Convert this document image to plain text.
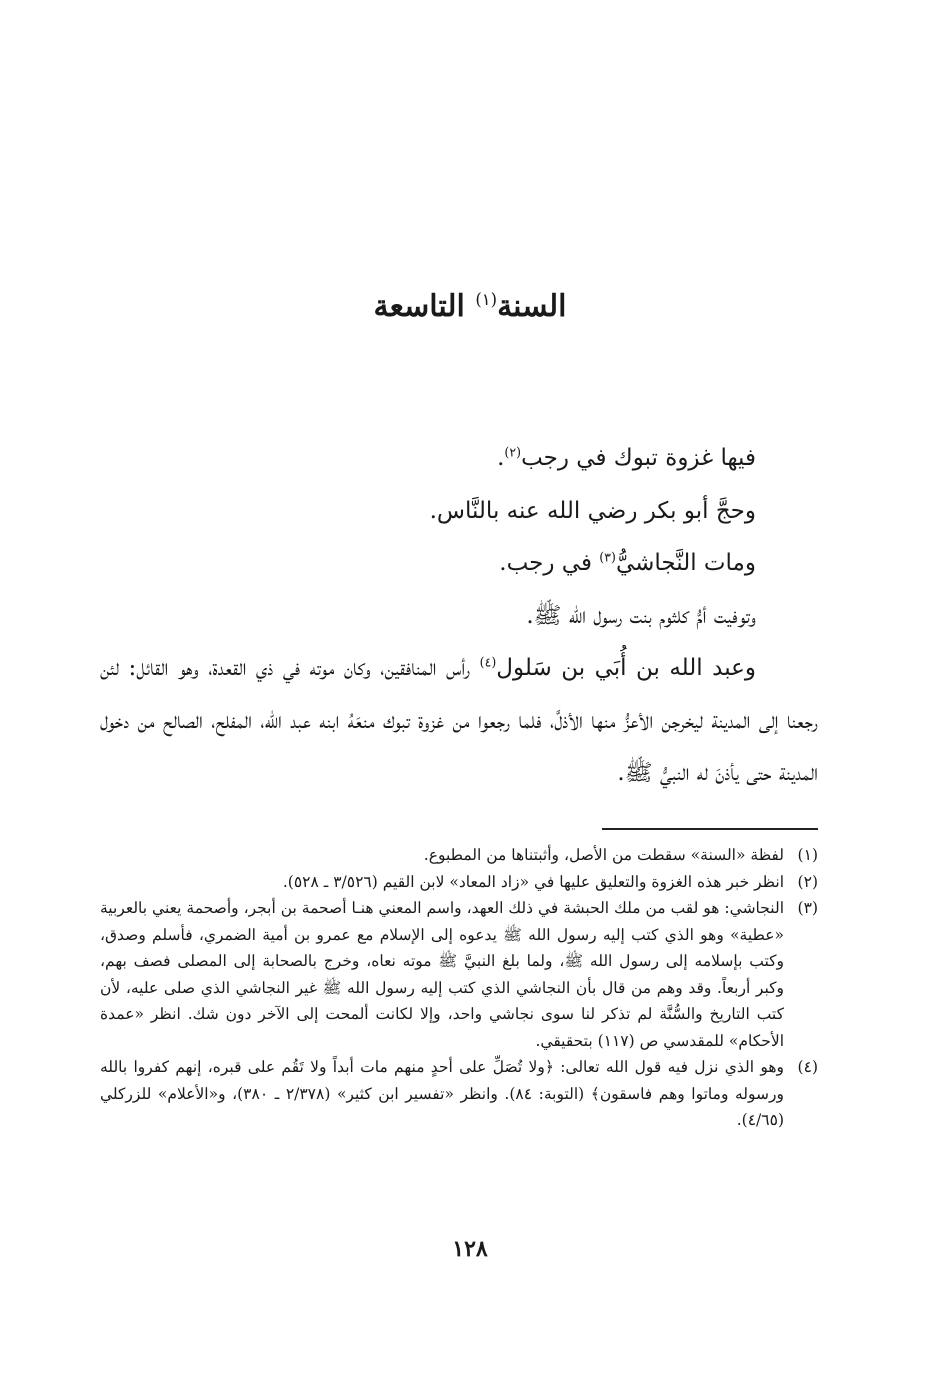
السنة$^{(١)}$ التاسعة

فيها غزوة تبوك في رجب$^{(٢)}$.

وحجَّ أبو بكر رضي الله عنه بالنَّاس.

ومات النَّجاشيُّ$^{(٣)}$ في رجب.

وتوفيت أمُّ كلثوم بنت رسول الله ﷺ.

وعبد الله بن أُبَي بن سَلول$^{(٤)}$ رأس المنافقين، وكان موته في ذي القعدة، وهو القائل: لئن رجعنا إلى المدينة ليخرجن الأعزُّ منها الأذلَّ، فلما رجعوا من غزوة تبوك منعَهُ ابنه عبد الله، المفلح، الصالح من دخول المدينة حتى يأذنَ له النبيُّ ﷺ.

(١)
لفظة «السنة» سقطت من الأصل، وأثبتناها من المطبوع.
(٢)
انظر خبر هذه الغزوة والتعليق عليها في «زاد المعاد» لابن القيم (٣/٥٢٦ ـ ٥٢٨).
(٣)
النجاشي: هو لقب من ملك الحبشة في ذلك العهد، واسم المعني هنـا أصحمة بن أبجر، وأصحمة يعني بالعربية «عطية» وهو الذي كتب إليه رسول الله ﷺ يدعوه إلى الإسلام مع عمرو بن أمية الضمري، فأسلم وصدق، وكتب بإسلامه إلى رسول الله ﷺ، ولما بلغ النبيَّ ﷺ موته نعاه، وخرج بالصحابة إلى المصلى فصف بهم، وكبر أربعاً. وقد وهم من قال بأن النجاشي الذي كتب إليه رسول الله ﷺ غير النجاشي الذي صلى عليه، لأن كتب التاريخ والسُّنَّة لم تذكر لنا سوى نجاشي واحد، وإلا لكانت ألمحت إلى الآخر دون شك. انظر «عمدة الأحكام» للمقدسي ص (١١٧) بتحقيقي.
(٤)
وهو الذي نزل فيه قول الله تعالى: ﴿ولا تُصَلِّ على أحدٍ منهم مات أبداً ولا تَقُم على قبره، إنهم كفروا بالله ورسوله وماتوا وهم فاسقون﴾ (التوبة: ٨٤). وانظر «تفسير ابن كثير» (٢/٣٧٨ ـ ٣٨٠)، و«الأعلام» للزركلي (٤/٦٥).
١٢٨
